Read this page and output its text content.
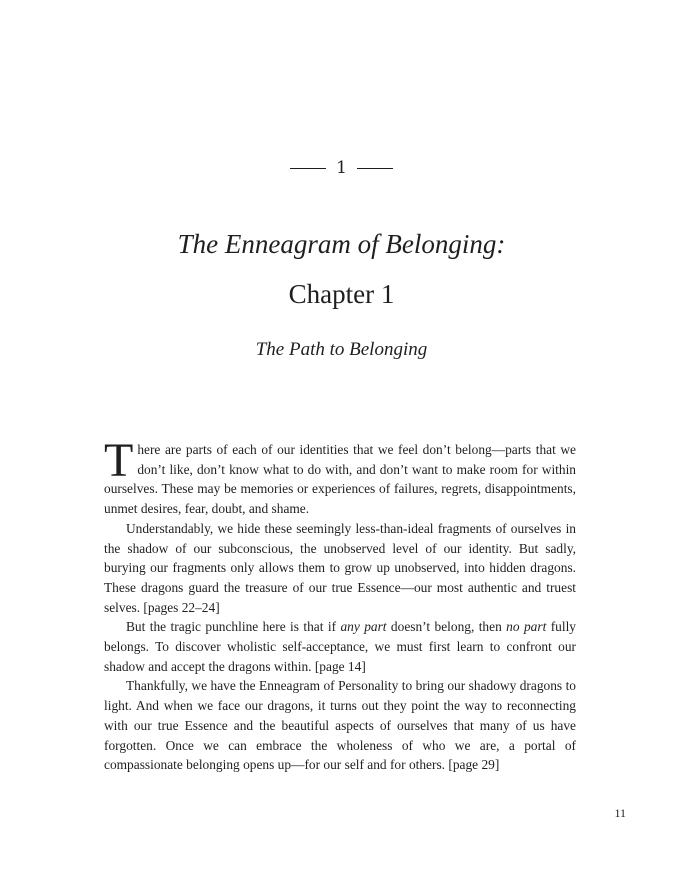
1
The Enneagram of Belonging:
Chapter 1
The Path to Belonging

There are parts of each of our identities that we feel don’t belong—parts that we don’t like, don’t know what to do with, and don’t want to make room for within ourselves. These may be memories or experiences of failures, regrets, disappointments, unmet desires, fear, doubt, and shame.

Understandably, we hide these seemingly less-than-ideal fragments of ourselves in the shadow of our subconscious, the unobserved level of our identity. But sadly, burying our fragments only allows them to grow up unobserved, into hidden dragons. These dragons guard the treasure of our true Essence—our most authentic and truest selves. [pages 22–24]

But the tragic punchline here is that if any part doesn’t belong, then no part fully belongs. To discover wholistic self-acceptance, we must first learn to confront our shadow and accept the dragons within. [page 14]

Thankfully, we have the Enneagram of Personality to bring our shadowy dragons to light. And when we face our dragons, it turns out they point the way to reconnecting with our true Essence and the beautiful aspects of ourselves that many of us have forgotten. Once we can embrace the wholeness of who we are, a portal of compassionate belonging opens up—for our self and for others. [page 29]

11
